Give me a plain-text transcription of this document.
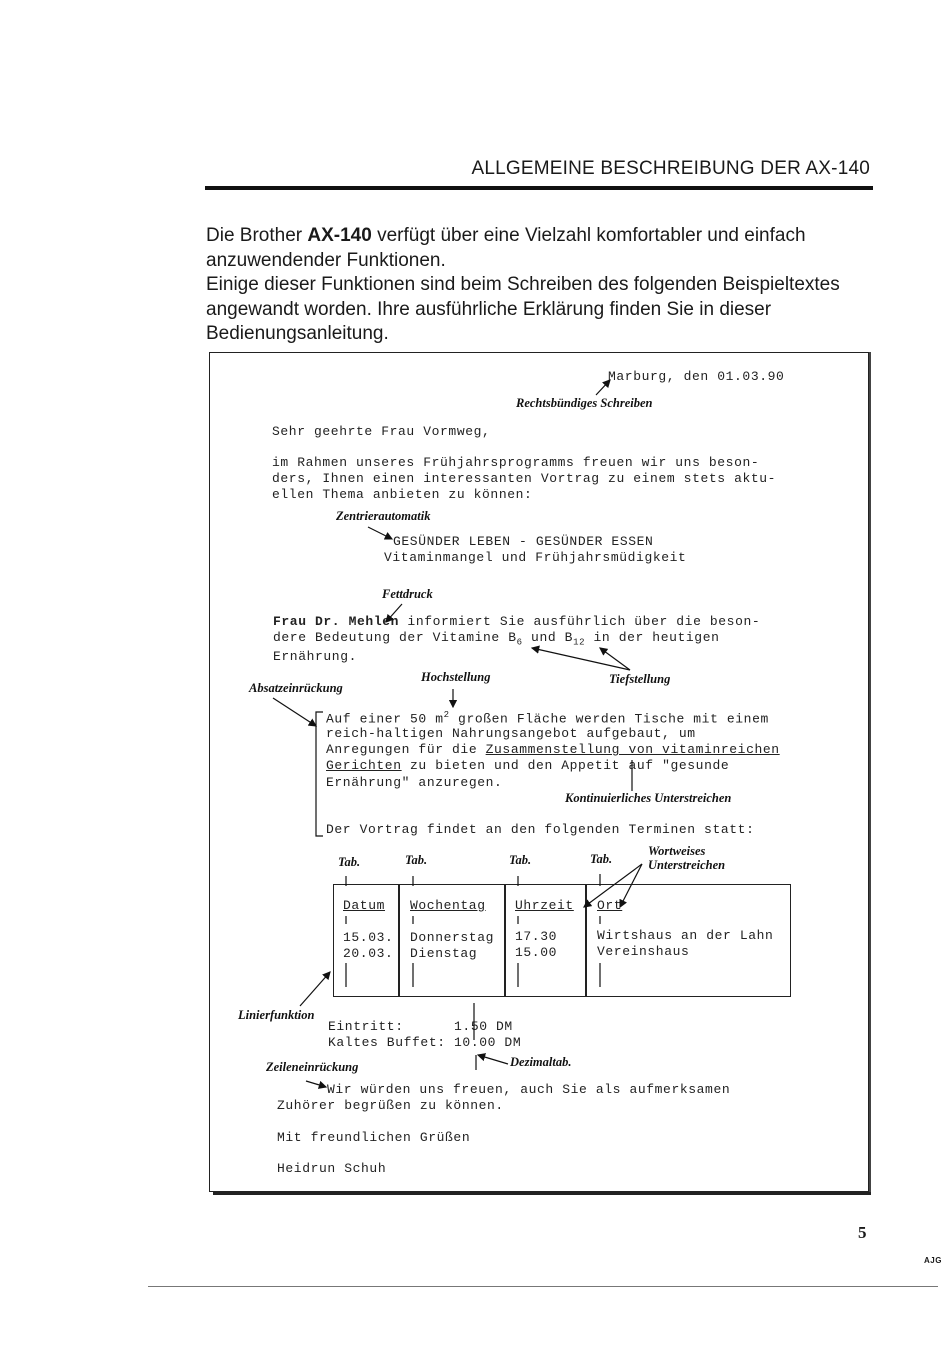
ALLGEMEINE BESCHREIBUNG DER AX-140

Die Brother AX-140 verfügt über eine Vielzahl komfortabler und einfach anzuwendender Funktionen.

Einige dieser Funktionen sind beim Schreiben des folgenden Beispieltextes angewandt worden. Ihre ausführliche Erklärung finden Sie in dieser Bedienungsanleitung.

Marburg, den 01.03.90
Rechtsbündiges Schreiben
Sehr geehrte Frau Vormweg,
im Rahmen unseres Frühjahrsprogramms freuen wir uns beson-
ders, Ihnen einen interessanten Vortrag zu einem stets aktu-
ellen Thema anbieten zu können:
Zentrierautomatik
GESÜNDER LEBEN - GESÜNDER ESSEN
Vitaminmangel und Frühjahrsmüdigkeit
Fettdruck
Frau Dr. Mehlen informiert Sie ausführlich über die beson-
dere Bedeutung der Vitamine $B_6$ und $B_{12}$ in der heutigen
Ernährung.
Absatzeinrückung
Hochstellung	Tiefstellung
Auf einer 50 $m^2$ großen Fläche werden Tische mit einem
reich-haltigen Nahrungsangebot aufgebaut, um
Anregungen für die Zusammenstellung von vitaminreichen
Gerichten zu bieten und den Appetit auf "gesunde
Ernährung" anzuregen.
Kontinuierliches Unterstreichen
Der Vortrag findet an den folgenden Terminen statt:
Tab.	Tab.	Tab.	Tab.
Wortweises
Unterstreichen
Datum Wochentag Uhrzeit Ort
15.03. Donnerstag 17.30	Wirtshaus an der Lahn
20.03. Dienstag	15.00	Vereinshaus
Linierfunktion
Eintritt:      1.50 DM
Kaltes Buffet: 10.00 DM
Zeileneinrückung	Dezimaltab.
Wir würden uns freuen, auch Sie als aufmerksamen
Zuhörer begrüßen zu können.
Mit freundlichen Grüßen
Heidrun Schuh
5
AJG
